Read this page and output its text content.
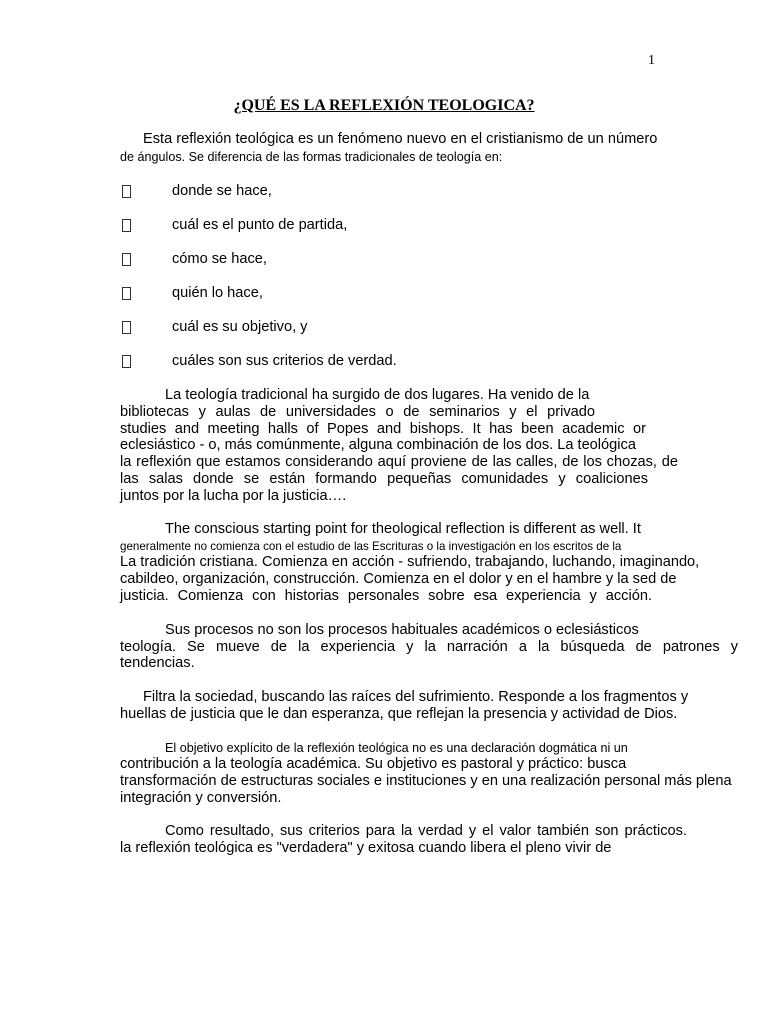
1
¿QUÉ ES LA REFLEXIÓN TEOLOGICA?
Esta reflexión teológica es un fenómeno nuevo en el cristianismo de un número
de ángulos. Se diferencia de las formas tradicionales de teología en:
donde se hace,
cuál es el punto de partida,
cómo se hace,
quién lo hace,
cuál es su objetivo, y
cuáles son sus criterios de verdad.
La teología tradicional ha surgido de dos lugares. Ha venido de la
bibliotecas y aulas de universidades o de seminarios y el privado
studies and meeting halls of Popes and bishops. It has been academic or
eclesiástico - o, más comúnmente, alguna combinación de los dos. La teológica
la reflexión que estamos considerando aquí proviene de las calles, de los chozas, de
las salas donde se están formando pequeñas comunidades y coaliciones
juntos por la lucha por la justicia….
The conscious starting point for theological reflection is different as well. It
generalmente no comienza con el estudio de las Escrituras o la investigación en los escritos de la
La tradición cristiana. Comienza en acción - sufriendo, trabajando, luchando, imaginando,
cabildeo, organización, construcción. Comienza en el dolor y en el hambre y la sed de
justicia. Comienza con historias personales sobre esa experiencia y acción.
Sus procesos no son los procesos habituales académicos o eclesiásticos
teología. Se mueve de la experiencia y la narración a la búsqueda de patrones y
tendencias.
Filtra la sociedad, buscando las raíces del sufrimiento. Responde a los fragmentos y
huellas de justicia que le dan esperanza, que reflejan la presencia y actividad de Dios.
El objetivo explícito de la reflexión teológica no es una declaración dogmática ni un
contribución a la teología académica. Su objetivo es pastoral y práctico: busca
transformación de estructuras sociales e instituciones y en una realización personal más plena
integración y conversión.
Como resultado, sus criterios para la verdad y el valor también son prácticos.
la reflexión teológica es "verdadera" y exitosa cuando libera el pleno vivir de
